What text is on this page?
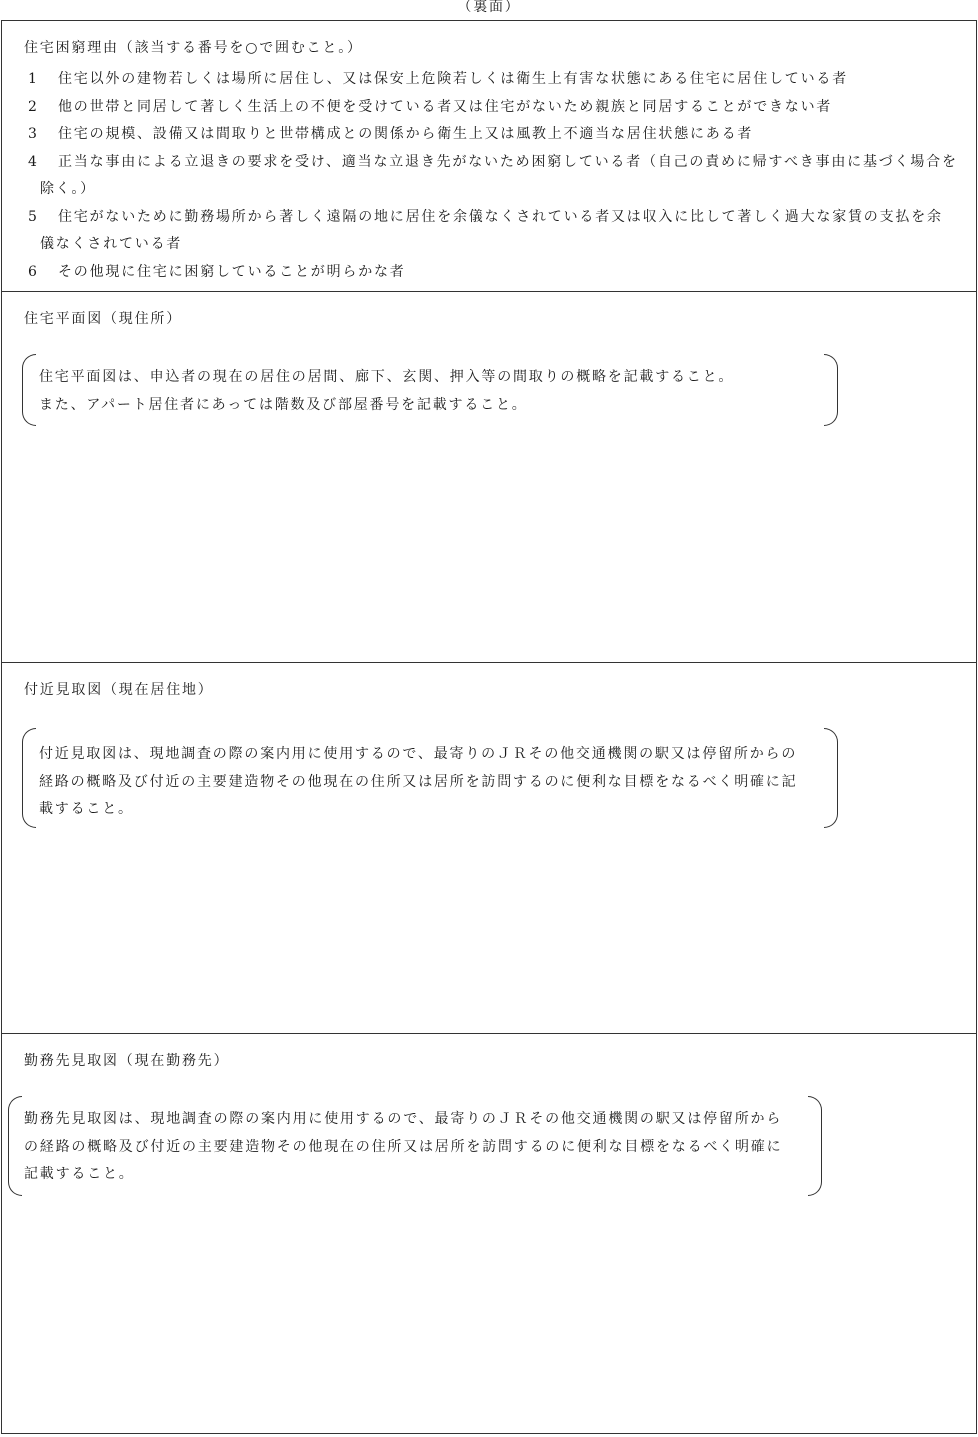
（裏面）
住宅困窮理由（該当する番号を○で囲むこと。）
1	住宅以外の建物若しくは場所に居住し、又は保安上危険若しくは衛生上有害な状態にある住宅に居住している者
2	他の世帯と同居して著しく生活上の不便を受けている者又は住宅がないため親族と同居することができない者
3	住宅の規模、設備又は間取りと世帯構成との関係から衛生上又は風教上不適当な居住状態にある者
4	正当な事由による立退きの要求を受け、適当な立退き先がないため困窮している者（自己の責めに帰すべき事由に基づく場合を
除く。）
5	住宅がないために勤務場所から著しく遠隔の地に居住を余儀なくされている者又は収入に比して著しく過大な家賃の支払を余
儀なくされている者
6	その他現に住宅に困窮していることが明らかな者
住宅平面図（現住所）
住宅平面図は、申込者の現在の居住の居間、廊下、玄関、押入等の間取りの概略を記載すること。
また、アパート居住者にあっては階数及び部屋番号を記載すること。
付近見取図（現在居住地）
付近見取図は、現地調査の際の案内用に使用するので、最寄りのＪＲその他交通機関の駅又は停留所からの
経路の概略及び付近の主要建造物その他現在の住所又は居所を訪問するのに便利な目標をなるべく明確に記
載すること。
勤務先見取図（現在勤務先）
勤務先見取図は、現地調査の際の案内用に使用するので、最寄りのＪＲその他交通機関の駅又は停留所から
の経路の概略及び付近の主要建造物その他現在の住所又は居所を訪問するのに便利な目標をなるべく明確に
記載すること。
